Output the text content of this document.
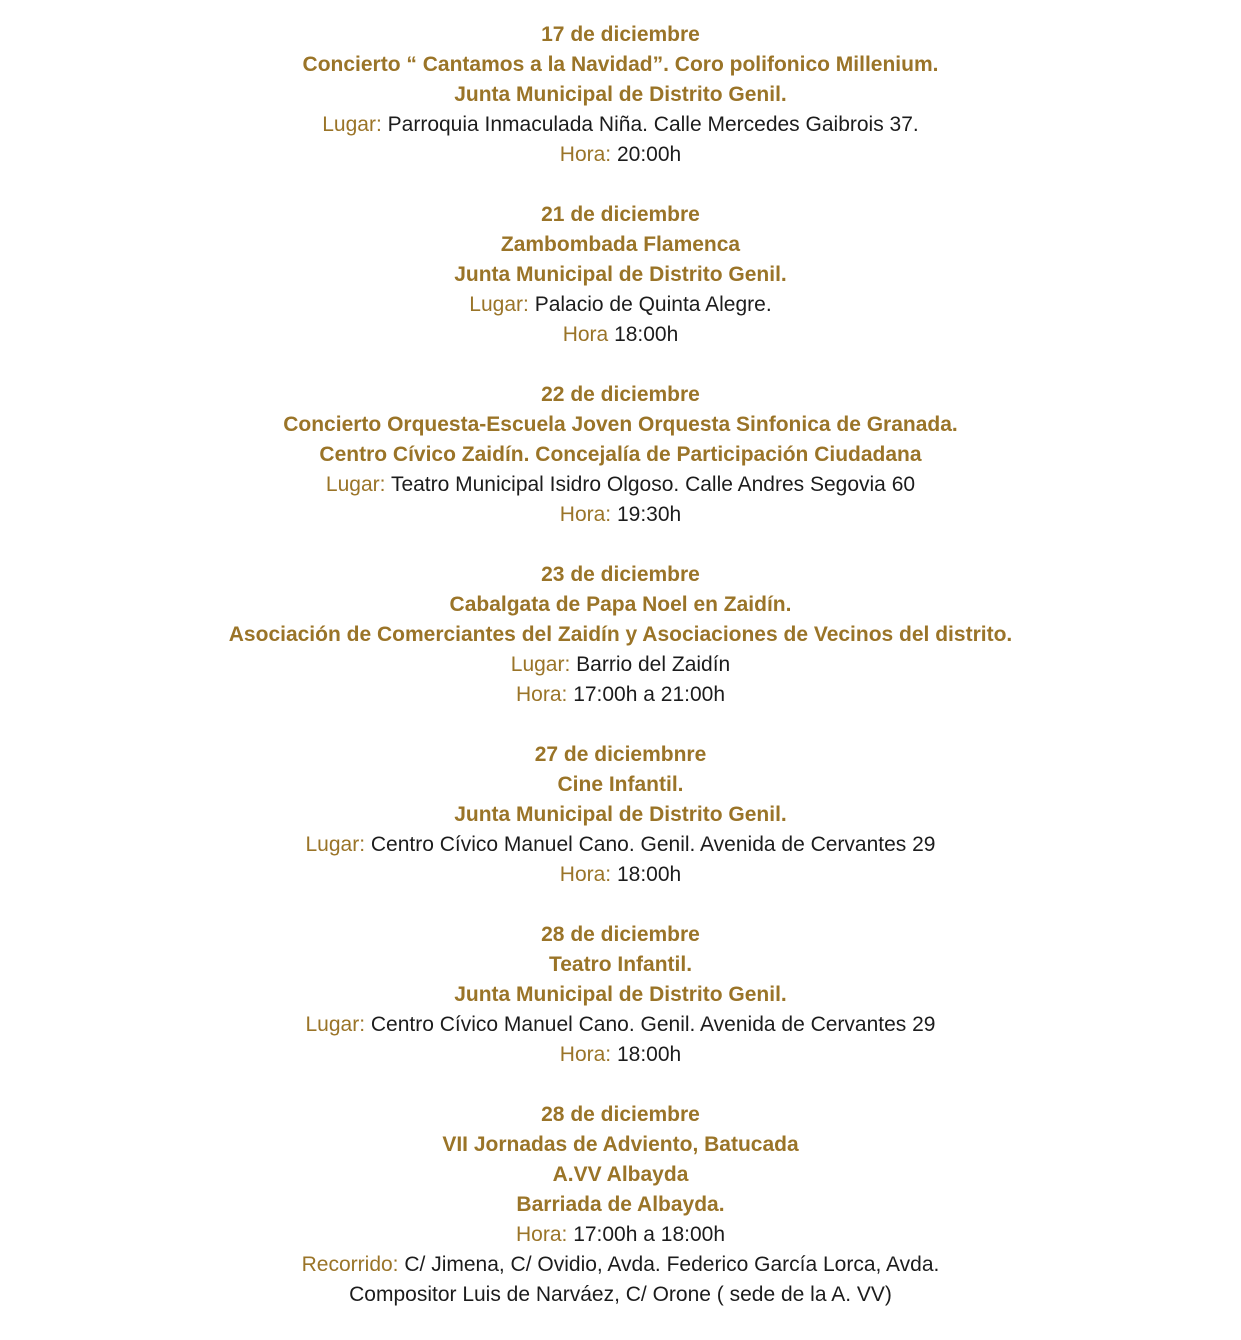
17 de diciembre
Concierto “ Cantamos a la Navidad”. Coro polifonico Millenium.
Junta Municipal de Distrito Genil.
Lugar: Parroquia Inmaculada Niña. Calle Mercedes Gaibrois 37.
Hora: 20:00h
21 de diciembre
Zambombada Flamenca
Junta Municipal de Distrito Genil.
Lugar: Palacio de Quinta Alegre.
Hora 18:00h
22 de diciembre
Concierto Orquesta-Escuela Joven Orquesta Sinfonica de Granada.
Centro Cívico Zaidín. Concejalía de Participación Ciudadana
Lugar: Teatro Municipal Isidro Olgoso. Calle Andres Segovia 60
Hora: 19:30h
23 de diciembre
Cabalgata de Papa Noel en Zaidín.
Asociación de Comerciantes del Zaidín y Asociaciones de Vecinos del distrito.
Lugar: Barrio del Zaidín
Hora: 17:00h a 21:00h
27 de diciembnre
Cine Infantil.
Junta Municipal de Distrito Genil.
Lugar: Centro Cívico Manuel Cano. Genil. Avenida de Cervantes 29
Hora: 18:00h
28 de diciembre
Teatro Infantil.
Junta Municipal de Distrito Genil.
Lugar: Centro Cívico Manuel Cano. Genil. Avenida de Cervantes 29
Hora: 18:00h
28 de diciembre
VII Jornadas de Adviento, Batucada
A.VV Albayda
Barriada de Albayda.
Hora: 17:00h a 18:00h
Recorrido: C/ Jimena, C/ Ovidio, Avda. Federico García Lorca, Avda.
Compositor Luis de Narváez, C/ Orone ( sede de la A. VV)
